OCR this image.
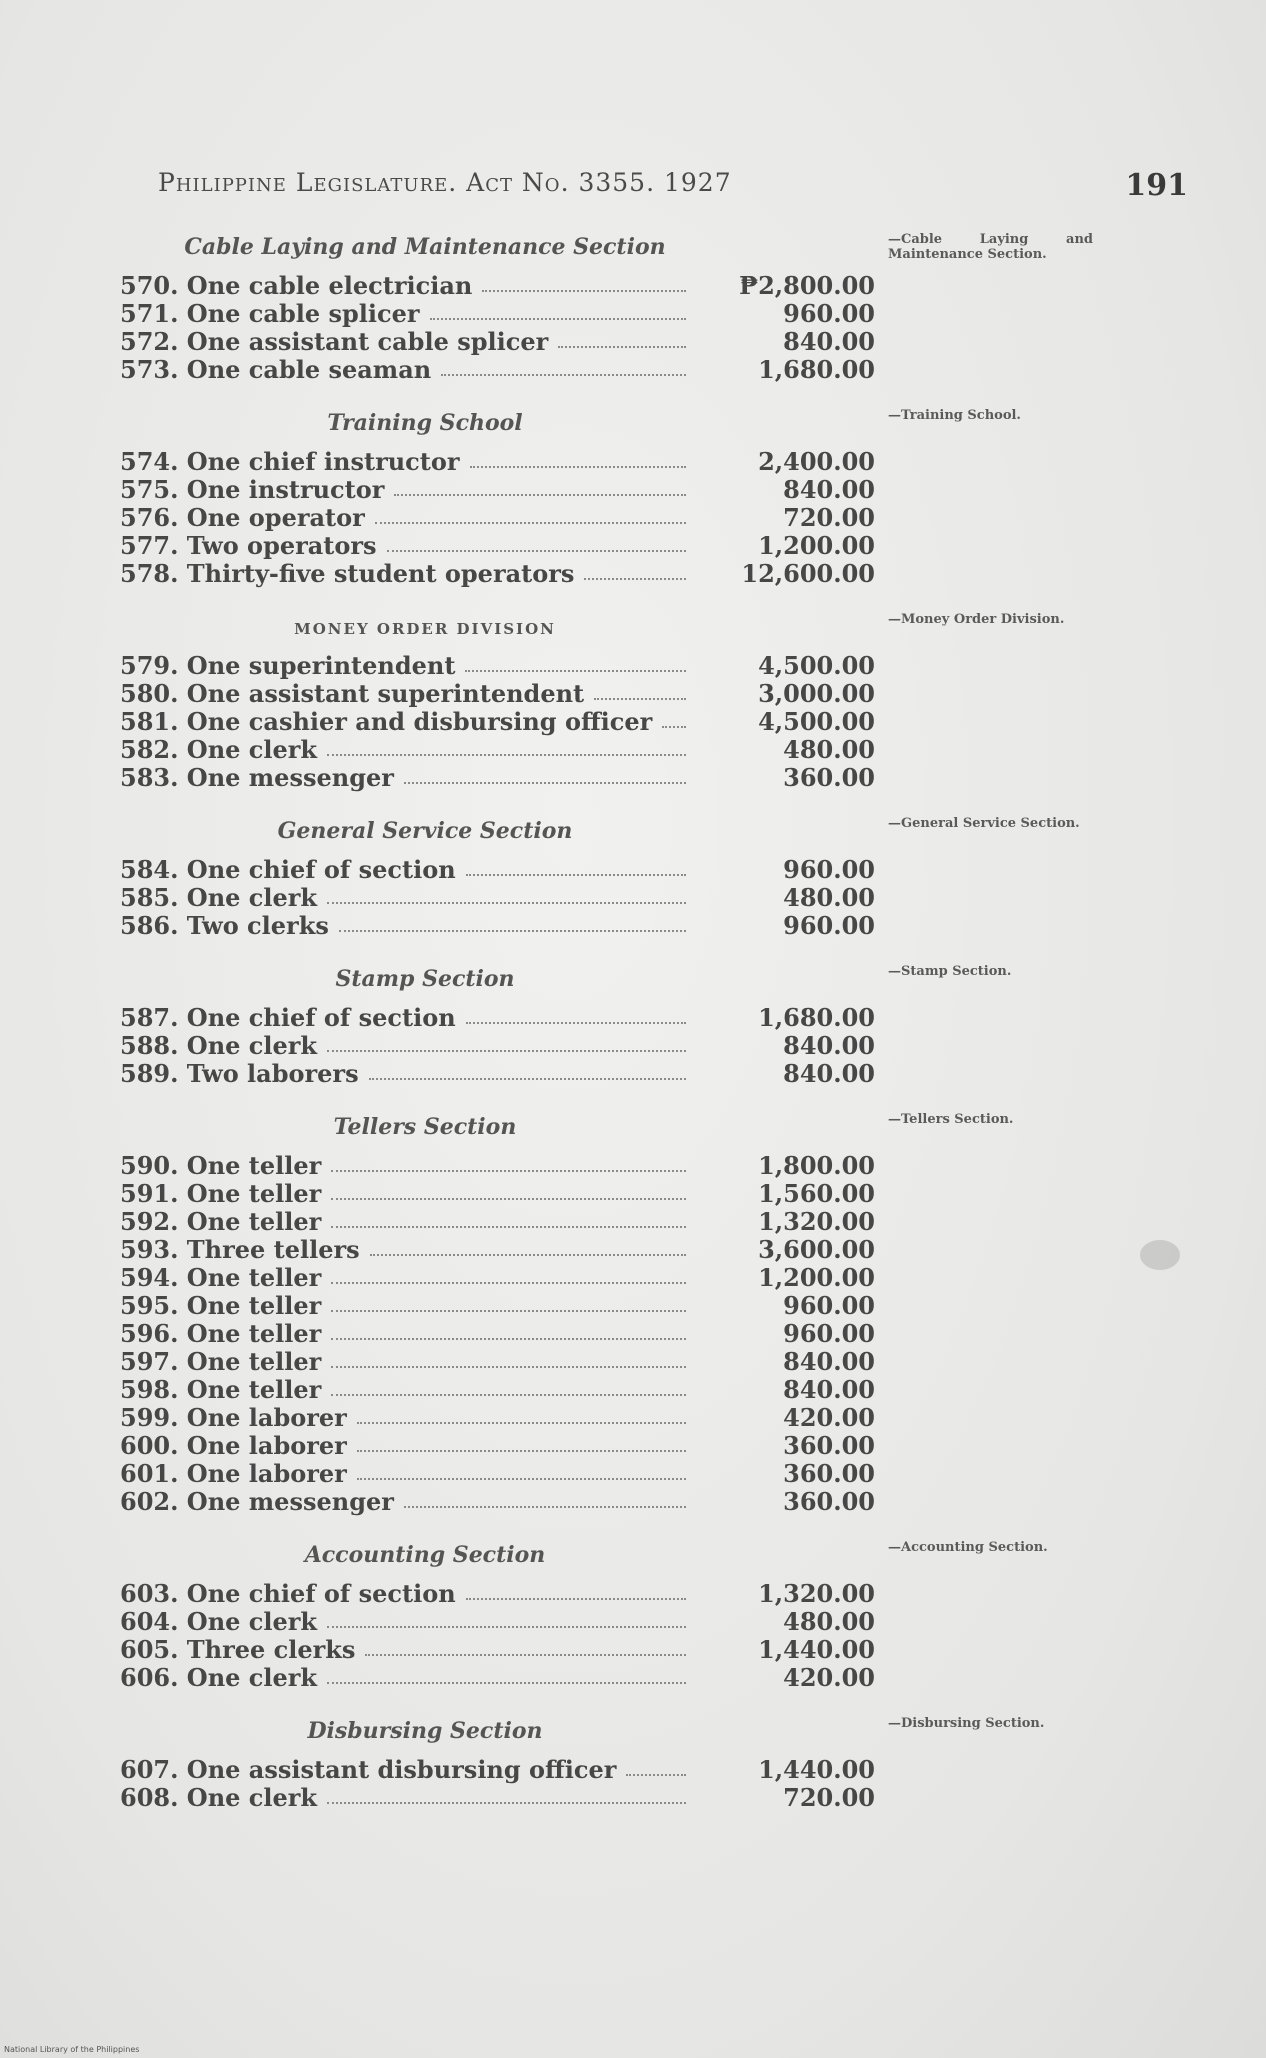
Philippine Legislature. Act No. 3355. 1927	191
Cable Laying and Maintenance Section	—Cable Laying and Maintenance Section.
570. One cable electrician	₱2,800.00
571. One cable splicer	960.00
572. One assistant cable splicer	840.00
573. One cable seaman	1,680.00
Training School	—Training School.
574. One chief instructor	2,400.00
575. One instructor	840.00
576. One operator	720.00
577. Two operators	1,200.00
578. Thirty-five student operators	12,600.00
MONEY ORDER DIVISION
—Money Order Division.
579. One superintendent	4,500.00
580. One assistant superintendent	3,000.00
581. One cashier and disbursing officer	4,500.00
582. One clerk	480.00
583. One messenger	360.00
General Service Section	—General Service Section.
584. One chief of section	960.00
585. One clerk	480.00
586. Two clerks	960.00
Stamp Section	—Stamp Section.
587. One chief of section	1,680.00
588. One clerk	840.00
589. Two laborers	840.00
Tellers Section	—Tellers Section.
590. One teller	1,800.00
591. One teller	1,560.00
592. One teller	1,320.00
593. Three tellers	3,600.00
594. One teller	1,200.00
595. One teller	960.00
596. One teller	960.00
597. One teller	840.00
598. One teller	840.00
599. One laborer	420.00
600. One laborer	360.00
601. One laborer	360.00
602. One messenger	360.00
Accounting Section	—Accounting Section.
603. One chief of section	1,320.00
604. One clerk	480.00
605. Three clerks	1,440.00
606. One clerk	420.00
Disbursing Section	—Disbursing Section.
607. One assistant disbursing officer	1,440.00
608. One clerk	720.00
National Library of the Philippines
